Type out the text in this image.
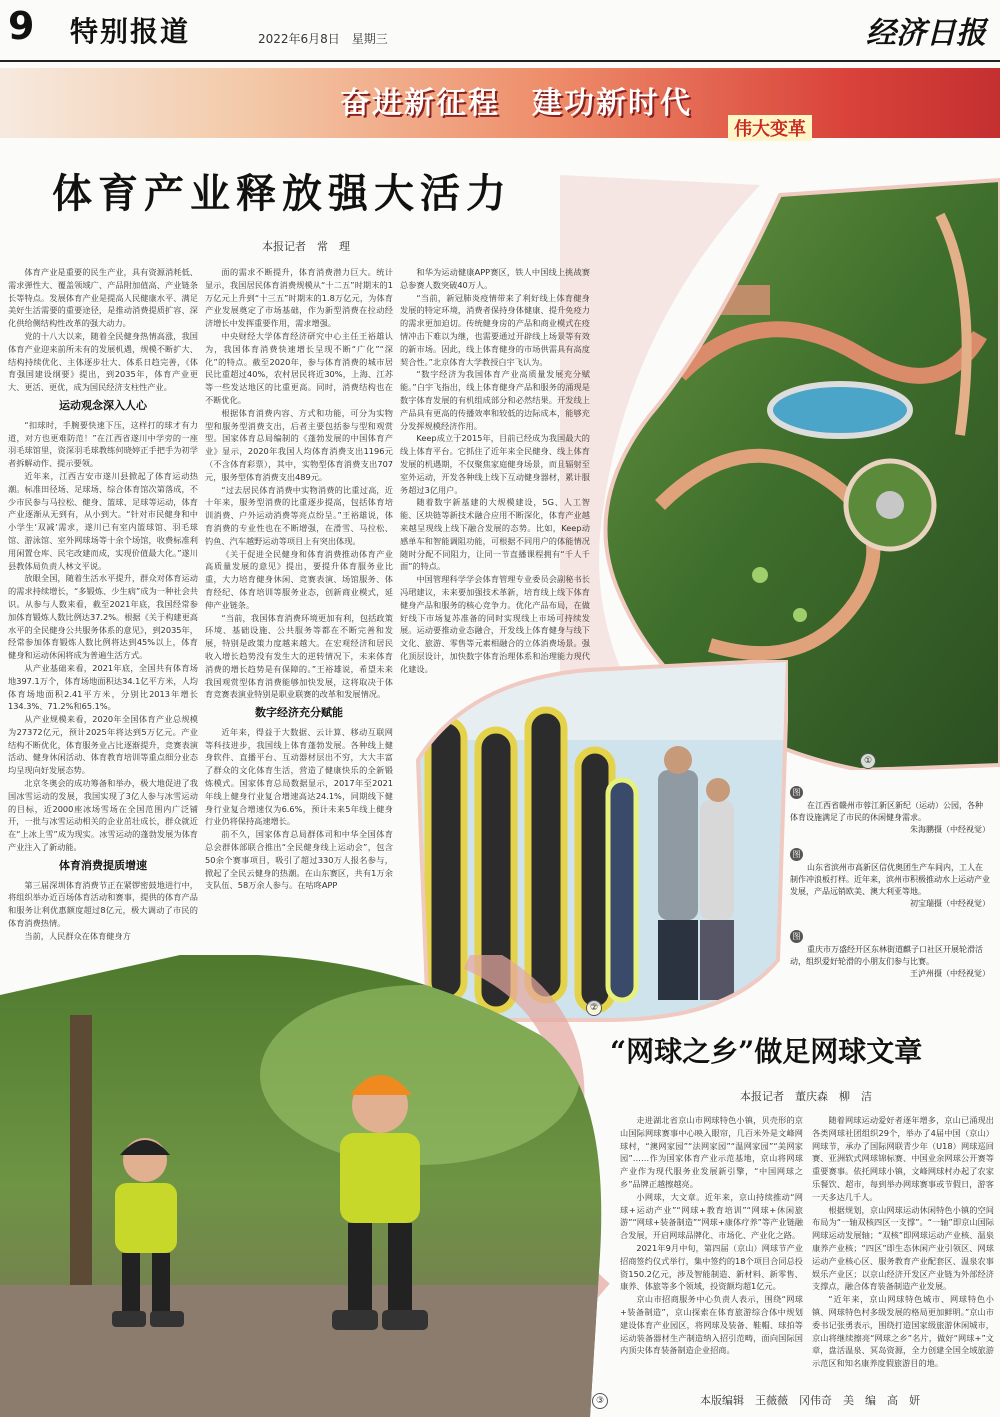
9 特别报道	2022年6月8日　星期三	经济日报
奋进新征程　建功新时代
伟大变革
体育产业释放强大活力
本报记者　常　理
①
②
③

体育产业是重要的民生产业，具有资源消耗低、需求弹性大、覆盖领域广、产品附加值高、产业链条长等特点。发展体育产业是提高人民健康水平、满足美好生活需要的重要途径，是推动消费提质扩容、深化供给侧结构性改革的强大动力。

党的十八大以来，随着全民健身热情高涨，我国体育产业迎来前所未有的发展机遇，规模不断扩大、结构持续优化、主体逐步壮大、体系日趋完善，《体育强国建设纲要》提出，到2035年，体育产业更大、更活、更优，成为国民经济支柱性产业。

运动观念深入人心

“扣球时，手腕要快速下压，这样打的球才有力道，对方也更难防范！”在江西省遂川中学旁的一座羽毛球馆里，资深羽毛球教练何晓婷正手把手为初学者拆解动作、提示要领。

近年来，江西吉安市遂川县掀起了体育运动热潮。标准田径场、足球场、综合体育馆次第落成，不少市民参与马拉松、健身、篮球、足球等运动，体育产业逐渐从无到有，从小到大。“针对市民健身和中小学生‘双减’需求，遂川已有室内篮球馆、羽毛球馆、游泳馆、室外网球场等十余个场馆，收费标准利用闲置仓库、民宅改建而成，实现价值最大化。”遂川县教体局负责人林文平说。

放眼全国，随着生活水平提升，群众对体育运动的需求持续增长，“多锻炼、少生病”成为一种社会共识。从参与人数来看，截至2021年底，我国经常参加体育锻炼人数比例达37.2%。根据《关于构建更高水平的全民健身公共服务体系的意见》，到2035年，经常参加体育锻炼人数比例将达到45%以上，体育健身和运动休闲将成为普遍生活方式。

从产业基础来看，2021年底，全国共有体育场地397.1万个，体育场地面积达34.1亿平方米，人均体育场地面积2.41平方米，分别比2013年增长134.3%、71.2%和65.1%。

从产业规模来看，2020年全国体育产业总规模为27372亿元，预计2025年将达到5万亿元。产业结构不断优化，体育服务业占比逐渐提升，竞赛表演活动、健身休闲活动、体育教育培训等重点细分业态均呈现向好发展态势。

北京冬奥会的成功筹备和举办，极大地促进了我国冰雪运动的发展，我国实现了3亿人参与冰雪运动的目标，近2000座冰场雪场在全国范围内广泛铺开，一批与冰雪运动相关的企业茁壮成长，群众就近在“上冰上雪”成为现实。冰雪运动的蓬勃发展为体育产业注入了新动能。

体育消费提质增速

第三届深圳体育消费节正在紧锣密鼓地进行中，将组织举办近百场体育活动和赛事，提供的体育产品和服务让利优惠额度超过8亿元，极大调动了市民的体育消费热情。

当前，人民群众在体育健身方

面的需求不断提升，体育消费潜力巨大。统计显示，我国居民体育消费规模从“十二五”时期末的1万亿元上升到“十三五”时期末的1.8万亿元，为体育产业发展奠定了市场基础，作为新型消费在拉动经济增长中发挥重要作用，需求增强。

中央财经大学体育经济研究中心主任王裕雄认为，我国体育消费快速增长呈现不断“广化”“深化”的特点。截至2020年，参与体育消费的城市居民比重超过40%，农村居民将近30%，上海、江苏等一些发达地区的比重更高。同时，消费结构也在不断优化。

根据体育消费内容、方式和功能，可分为实物型和服务型消费支出，后者主要包括参与型和观赏型。国家体育总局编制的《蓬勃发展的中国体育产业》显示，2020年我国人均体育消费支出1196元（不含体育彩票），其中，实物型体育消费支出707元，服务型体育消费支出489元。

“过去居民体育消费中实物消费的比重过高，近十年来，服务型消费的比重逐步提高，包括体育培训消费、户外运动消费等亮点纷呈。”王裕雄说，体育消费的专业性也在不断增强，在滑雪、马拉松、钓鱼、汽车越野运动等项目上有突出体现。

《关于促进全民健身和体育消费推动体育产业高质量发展的意见》提出，要提升体育服务业比重，大力培育健身休闲、竞赛表演、场馆服务、体育经纪、体育培训等服务业态，创新商业模式，延伸产业链条。

“当前，我国体育消费环境更加有利，包括政策环境、基础设施、公共服务等都在不断完善和发展，特别是政策力度越来越大。在宏观经济和居民收入增长趋势没有发生大的逆转情况下，未来体育消费的增长趋势是有保障的。”王裕雄说，希望未来我国观赏型体育消费能够加快发展，这将取决于体育竞赛表演业特别是职业联赛的改革和发展情况。

数字经济充分赋能

近年来，得益于大数据、云计算、移动互联网等科技进步，我国线上体育蓬勃发展。各种线上健身软件、直播平台、互动器材层出不穷，大大丰富了群众的文化体育生活，营造了健康快乐的全新锻炼模式。国家体育总局数据显示，2017年至2021年线上健身行业复合增速高达24.1%，同期线下健身行业复合增速仅为6.6%，预计未来5年线上健身行业仍将保持高速增长。

前不久，国家体育总局群体司和中华全国体育总会群体部联合推出“全民健身线上运动会”，包含50余个赛事项目，吸引了超过330万人报名参与，掀起了全民云健身的热潮。在山东赛区，共有1万余支队伍、58万余人参与。在咕咚APP

和华为运动健康APP赛区，铁人中国线上挑战赛总参赛人数突破40万人。

“当前，新冠肺炎疫情带来了利好线上体育健身发展的特定环境，消费者保持身体健康、提升免疫力的需求更加迫切。传统健身房的产品和商业模式在疫情冲击下难以为继，也需要通过开辟线上场景等有效的新市场。因此，线上体育健身的市场供需具有高度契合性。”北京体育大学教授白宇飞认为。

“数字经济为我国体育产业高质量发展充分赋能。”白宇飞指出，线上体育健身产品和服务的涌现是数字体育发展的有机组成部分和必然结果。开发线上产品具有更高的传播效率和较低的边际成本，能够充分发挥规模经济作用。

Keep成立于2015年，目前已经成为我国最大的线上体育平台。它抓住了近年来全民健身、线上体育发展的机遇期，不仅聚焦家庭健身场景，而且辐射至室外运动，开发各种线上线下互动健身器材，累计服务超过3亿用户。

随着数字新基建的大规模建设，5G、人工智能、区块链等新技术融合应用不断深化，体育产业越来越呈现线上线下融合发展的态势。比如，Keep动感单车和智能调阻功能，可根据不同用户的体能情况随时分配不同阻力，让同一节直播课程拥有“千人千面”的特点。

中国管理科学学会体育管理专业委员会副秘书长冯珺建议，未来要加强技术革新，培育线上线下体育健身产品和服务的核心竞争力。优化产品布局，在做好线下市场复苏准备的同时实现线上市场可持续发展。运动要推动业态融合，开发线上体育健身与线下文化、旅游、零售等元素相融合的立体消费场景。强化顶层设计，加快数字体育治理体系和治理能力现代化建设。

图① 在江西省赣州市蓉江新区新纪（运动）公园，各种体育设施满足了市民的休闲健身需求。
朱海鹏摄（中经视觉）
图② 山东省滨州市高新区信优奥团生产车间内，工人在制作冲浪板打样。近年来，滨州市积极推动水上运动产业发展，产品远销欧美、澳大利亚等地。
初宝瑞摄（中经视觉）
图③ 重庆市万盛经开区东林街道麒子口社区开展轮滑活动，组织爱好轮滑的小朋友们参与比赛。
王泸州摄（中经视觉）
“网球之乡”做足网球文章
本报记者　董庆森　柳　洁

走进湖北省京山市网球特色小镇，贝壳形的京山国际网球赛事中心映入眼帘，几百米外是文峰网球村，“澳网家园”“法网家园”“温网家园”“美网家园”……作为国家体育产业示范基地，京山将网球产业作为现代服务业发展新引擎，“中国网球之乡”品牌正越擦越亮。

小网球，大文章。近年来，京山持续推动“网球+运动产业”“网球+教育培训”“网球+休闲旅游”“网球+装备制造”“网球+康体疗养”等产业链融合发展，开启网球品牌化、市场化、产业化之路。

2021年9月中旬，第四届（京山）网球节产业招商签约仪式举行，集中签约的18个项目合同总投资150.2亿元，涉及智能制造、新材料、新零售、康养、体旅等多个领域，投资额均超1亿元。

京山市招商服务中心负责人表示，围绕“网球+装备制造”，京山探索在体育旅游综合体中规划建设体育产业园区，将网球及装备、鞋帽、球拍等运动装备器材生产制造纳入招引范畴，面向国际国内顶尖体育装备制造企业招商。

随着网球运动爱好者逐年增多，京山已涌现出各类网球社团组织29个，举办了4届中国（京山）网球节，承办了国际网联青少年（U18）网球巡回赛、亚洲软式网球锦标赛、中国业余网球公开赛等重要赛事。依托网球小镇，文峰网球村办起了农家乐餐饮、超市，每到举办网球赛事或节假日，游客一天多达几千人。

根据规划，京山网球运动休闲特色小镇的空间布局为“一轴双核四区一支撑”。“一轴”即京山国际网球运动发展轴；“双核”即网球运动产业核、温泉康养产业核；“四区”即生态休闲产业引领区、网球运动产业核心区、服务教育产业配套区、温泉农事娱乐产业区；以京山经济开发区产业链为外部经济支撑点，融合体育装备制造产业发展。

“近年来，京山网球特色城市、网球特色小镇、网球特色村多级发展的格局更加鲜明。”京山市委书记张勇表示，围绕打造国家级旅游休闲城市，京山将继续擦亮“网球之乡”名片，做好“网球+”文章，盘活温泉、冥岛资源，全力创建全国全域旅游示范区和知名康养度假旅游目的地。

本版编辑　王薇薇　冈伟奇　美　编　高　妍
